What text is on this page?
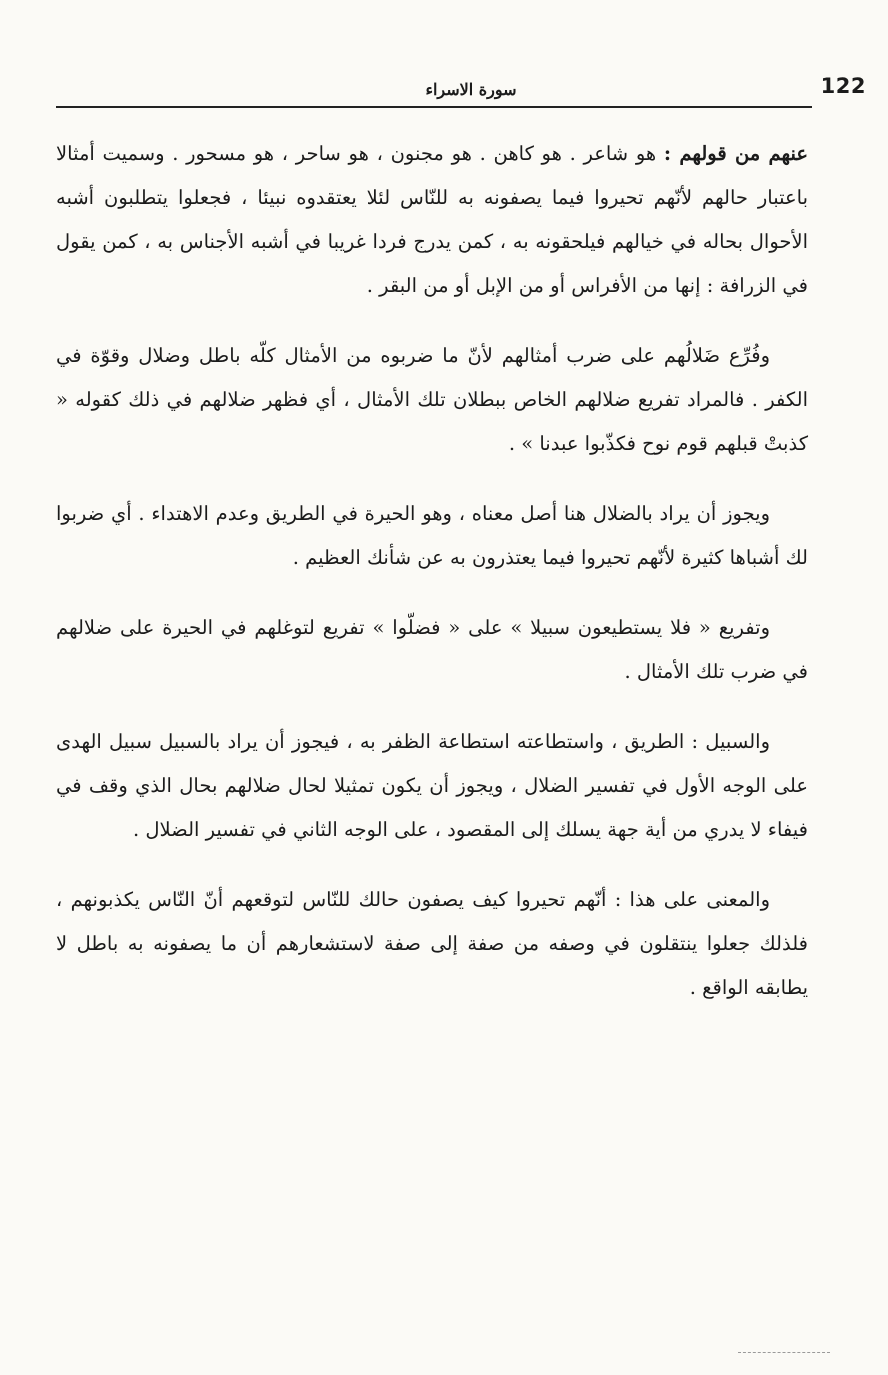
122
سورة الاسراء

عنهم من قولهم : هو شاعر . هو كاهن . هو مجنون ، هو ساحر ، هو مسحور . وسميت أمثالا باعتبار حالهم لأنّهم تحيروا فيما يصفونه به للنّاس لئلا يعتقدوه نبيئا ، فجعلوا يتطلبون أشبه الأحوال بحاله في خيالهم فيلحقونه به ، كمن يدرج فردا غريبا في أشبه الأجناس به ، كمن يقول في الزرافة : إنها من الأفراس أو من الإبل أو من البقر .

وفُرِّع ضَلالُهم على ضرب أمثالهم لأنّ ما ضربوه من الأمثال كلّه باطل وضلال وقوّة في الكفر . فالمراد تفريع ضلالهم الخاص ببطلان تلك الأمثال ، أي فظهر ضلالهم في ذلك كقوله « كذبتْ قبلهم قوم نوح فكذّبوا عبدنا » .

ويجوز أن يراد بالضلال هنا أصل معناه ، وهو الحيرة في الطريق وعدم الاهتداء . أي ضربوا لك أشباها كثيرة لأنّهم تحيروا فيما يعتذرون به عن شأنك العظيم .

وتفريع « فلا يستطيعون سبيلا » على « فضلّوا » تفريع لتوغلهم في الحيرة على ضلالهم في ضرب تلك الأمثال .

والسبيل : الطريق ، واستطاعته استطاعة الظفر به ، فيجوز أن يراد بالسبيل سبيل الهدى على الوجه الأول في تفسير الضلال ، ويجوز أن يكون تمثيلا لحال ضلالهم بحال الذي وقف في فيفاء لا يدري من أية جهة يسلك إلى المقصود ، على الوجه الثاني في تفسير الضلال .

والمعنى على هذا : أنّهم تحيروا كيف يصفون حالك للنّاس لتوقعهم أنّ النّاس يكذبونهم ، فلذلك جعلوا ينتقلون في وصفه من صفة إلى صفة لاستشعارهم أن ما يصفونه به باطل لا يطابقه الواقع .
